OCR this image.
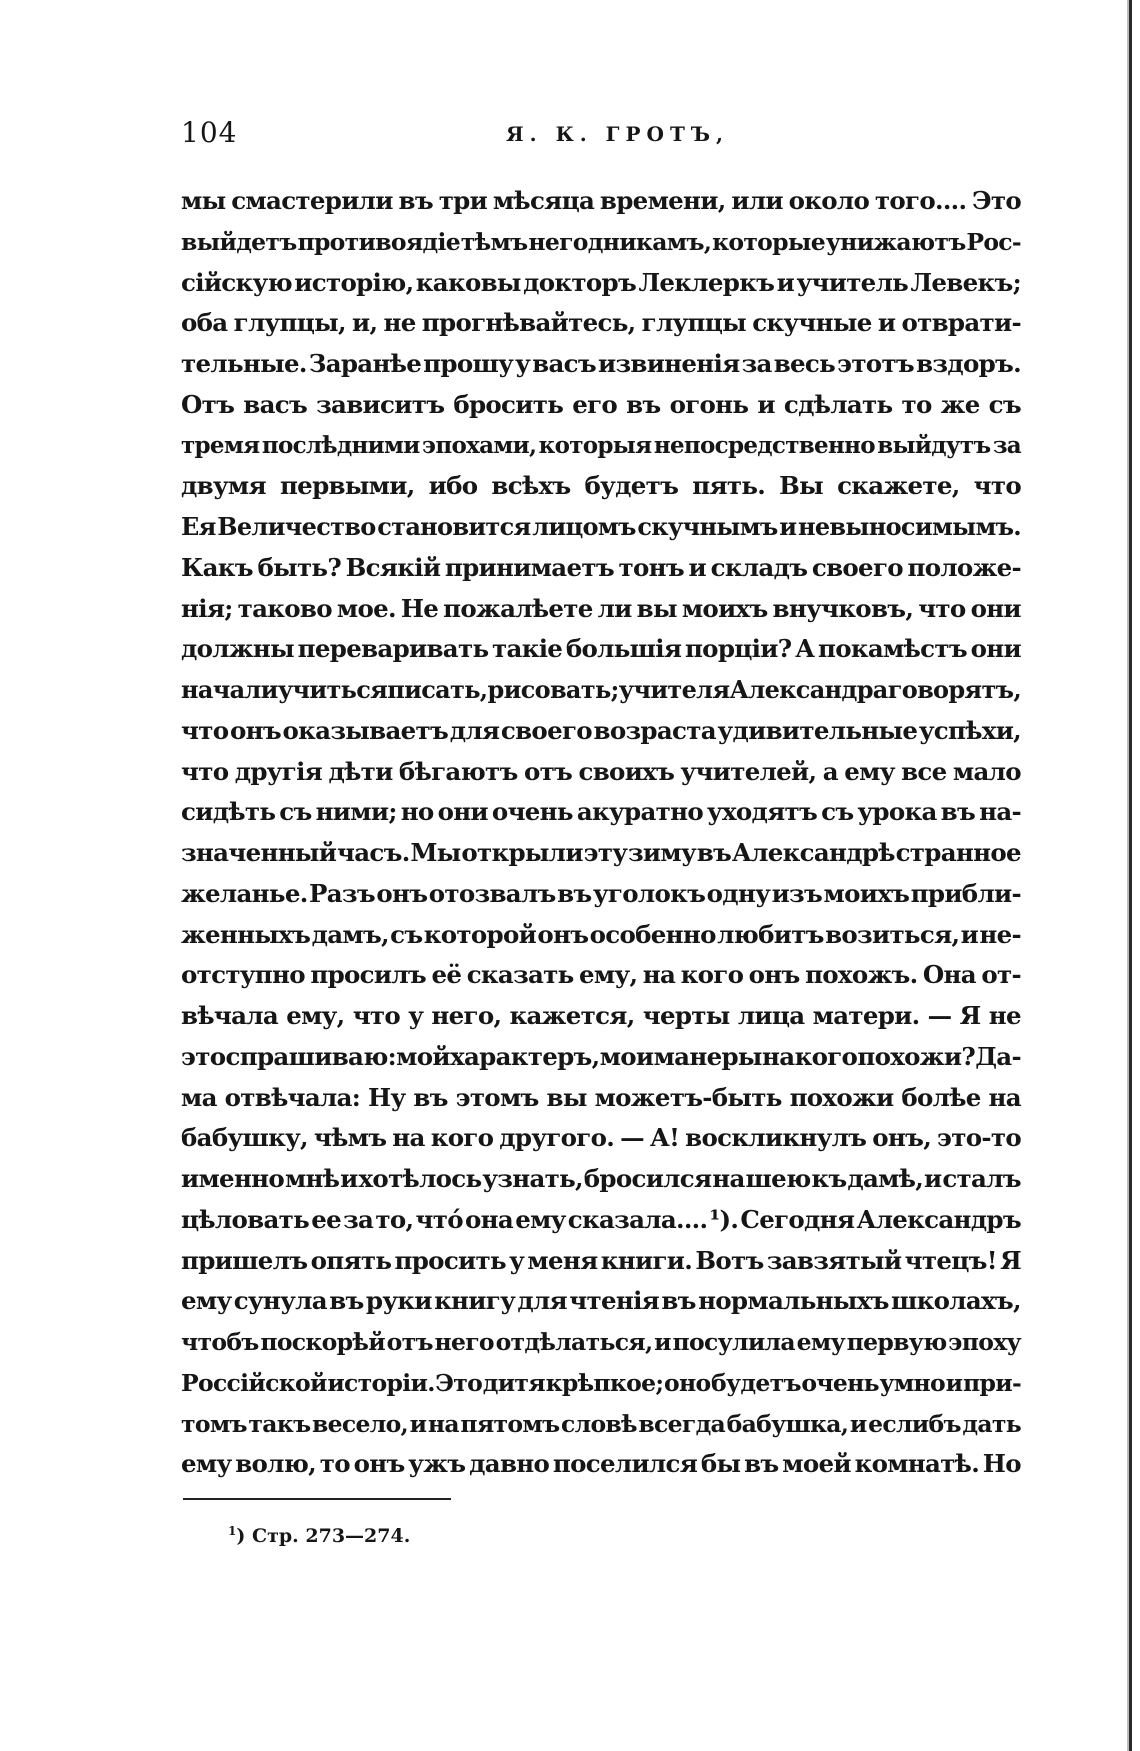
104	Я. К. ГРОТЪ,
мы смастерили въ три мѣсяца времени, или около того.... Это
выйдетъ противоядіе тѣмъ негодникамъ, которые унижаютъ Рос-
сійскую исторію, каковы докторъ Леклеркъ и учитель Левекъ;
оба глупцы, и, не прогнѣвайтесь, глупцы скучные и отврати-
тельные. Заранѣе прошу у васъ извиненія за весь этотъ вздоръ.
Отъ васъ зависитъ бросить его въ огонь и сдѣлать то же съ
тремя послѣдними эпохами, которыя непосредственно выйдутъ за
двумя первыми, ибо всѣхъ будетъ пять. Вы скажете, что
Ея Величество становится лицомъ скучнымъ и невыносимымъ.
Какъ быть? Всякій принимаетъ тонъ и складъ своего положе-
нія; таково мое. Не пожалѣете ли вы моихъ внучковъ, что они
должны переваривать такіе большія порціи? А покамѣстъ они
начали учиться писать, рисовать; учителя Александра говорятъ,
что онъ оказываетъ для своего возраста удивительные успѣхи,
что другія дѣти бѣгаютъ отъ своихъ учителей, а ему все мало
сидѣть съ ними; но они очень акуратно уходятъ съ урока въ на-
значенный часъ. Мы открыли эту зиму въ Александрѣ странное
желанье. Разъ онъ отозвалъ въ уголокъ одну изъ моихъ прибли-
женныхъ дамъ, съ которой онъ особенно любитъ возиться, и не-
отступно просилъ её сказать ему, на кого онъ похожъ. Она от-
вѣчала ему, что у него, кажется, черты лица матери. — Я не
это спрашиваю: мой характеръ, мои манеры на кого похожи? Да-
ма отвѣчала: Ну въ этомъ вы можетъ-быть похожи болѣе на
бабушку, чѣмъ на кого другого. — А! воскликнулъ онъ, это-то
именно мнѣ и хотѣлось узнать, бросился на шею къ дамѣ, и сталъ
цѣловать ее за то, чтó она ему сказала.... ¹). Сегодня Александръ
пришелъ опять просить у меня книги. Вотъ завзятый чтецъ! Я
ему сунула въ руки книгу для чтенія въ нормальныхъ школахъ,
чтобъ поскорѣй отъ него отдѣлаться, и посулила ему первую эпоху
Россійской исторіи. Это дитя крѣпкое; оно будетъ очень умно и при-
томъ такъ весело, и на пятомъ словѣ всегда бабушка, и еслибъ дать
ему волю, то онъ ужъ давно поселился бы въ моей комнатѣ. Но
$^1$) Стр. 273—274.
